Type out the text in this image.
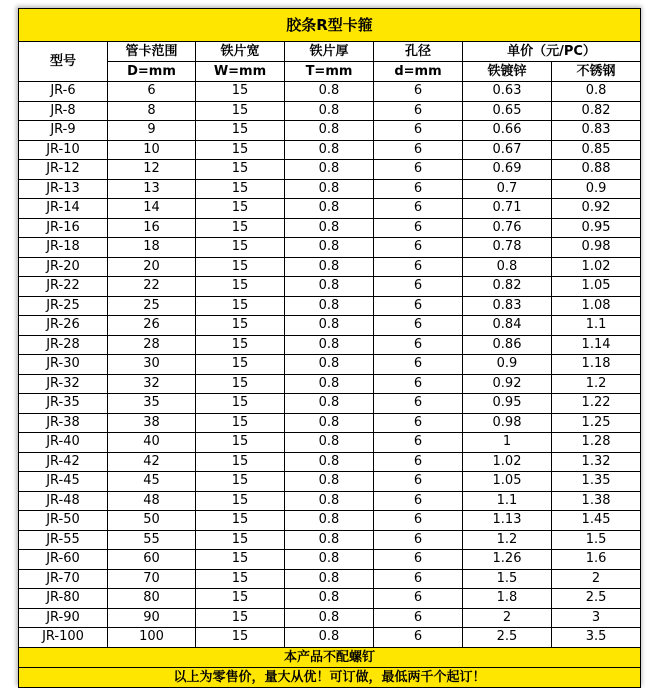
胶条R型卡箍						
型号	管卡范围	铁片宽	铁片厚	孔径	单价（元/PC）	
	D=mm	W=mm	T=mm	d=mm	铁镀锌	不锈钢
JR-6	6	15	0.8	6	0.63	0.8
JR-8	8	15	0.8	6	0.65	0.82
JR-9	9	15	0.8	6	0.66	0.83
JR-10	10	15	0.8	6	0.67	0.85
JR-12	12	15	0.8	6	0.69	0.88
JR-13	13	15	0.8	6	0.7	0.9
JR-14	14	15	0.8	6	0.71	0.92
JR-16	16	15	0.8	6	0.76	0.95
JR-18	18	15	0.8	6	0.78	0.98
JR-20	20	15	0.8	6	0.8	1.02
JR-22	22	15	0.8	6	0.82	1.05
JR-25	25	15	0.8	6	0.83	1.08
JR-26	26	15	0.8	6	0.84	1.1
JR-28	28	15	0.8	6	0.86	1.14
JR-30	30	15	0.8	6	0.9	1.18
JR-32	32	15	0.8	6	0.92	1.2
JR-35	35	15	0.8	6	0.95	1.22
JR-38	38	15	0.8	6	0.98	1.25
JR-40	40	15	0.8	6	1	1.28
JR-42	42	15	0.8	6	1.02	1.32
JR-45	45	15	0.8	6	1.05	1.35
JR-48	48	15	0.8	6	1.1	1.38
JR-50	50	15	0.8	6	1.13	1.45
JR-55	55	15	0.8	6	1.2	1.5
JR-60	60	15	0.8	6	1.26	1.6
JR-70	70	15	0.8	6	1.5	2
JR-80	80	15	0.8	6	1.8	2.5
JR-90	90	15	0.8	6	2	3
JR-100	100	15	0.8	6	2.5	3.5
本产品不配螺钉						
以上为零售价，量大从优！可订做，最低两千个起订！						
